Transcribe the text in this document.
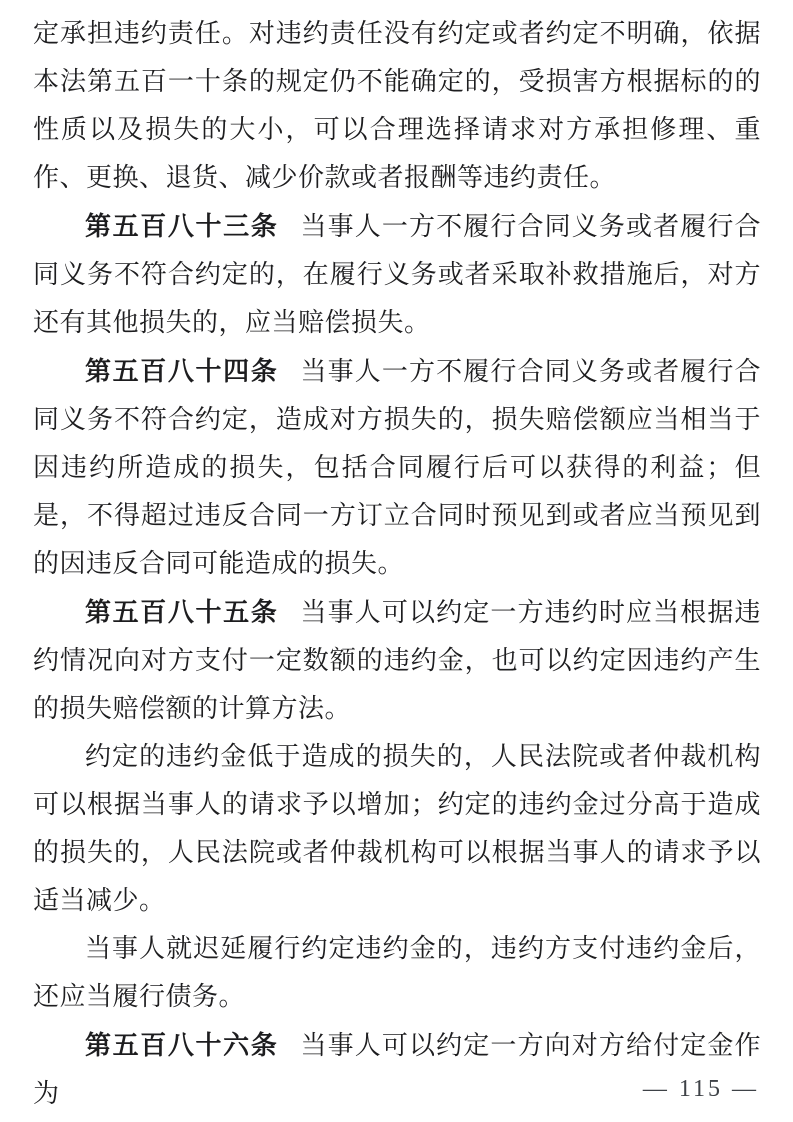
定承担违约责任。对违约责任没有约定或者约定不明确，依据本法第五百一十条的规定仍不能确定的，受损害方根据标的的性质以及损失的大小，可以合理选择请求对方承担修理、重作、更换、退货、减少价款或者报酬等违约责任。

第五百八十三条 当事人一方不履行合同义务或者履行合同义务不符合约定的，在履行义务或者采取补救措施后，对方还有其他损失的，应当赔偿损失。

第五百八十四条 当事人一方不履行合同义务或者履行合同义务不符合约定，造成对方损失的，损失赔偿额应当相当于因违约所造成的损失，包括合同履行后可以获得的利益；但是，不得超过违反合同一方订立合同时预见到或者应当预见到的因违反合同可能造成的损失。

第五百八十五条 当事人可以约定一方违约时应当根据违约情况向对方支付一定数额的违约金，也可以约定因违约产生的损失赔偿额的计算方法。

约定的违约金低于造成的损失的，人民法院或者仲裁机构可以根据当事人的请求予以增加；约定的违约金过分高于造成的损失的，人民法院或者仲裁机构可以根据当事人的请求予以适当减少。

当事人就迟延履行约定违约金的，违约方支付违约金后，还应当履行债务。

第五百八十六条 当事人可以约定一方向对方给付定金作为	— 115 —
